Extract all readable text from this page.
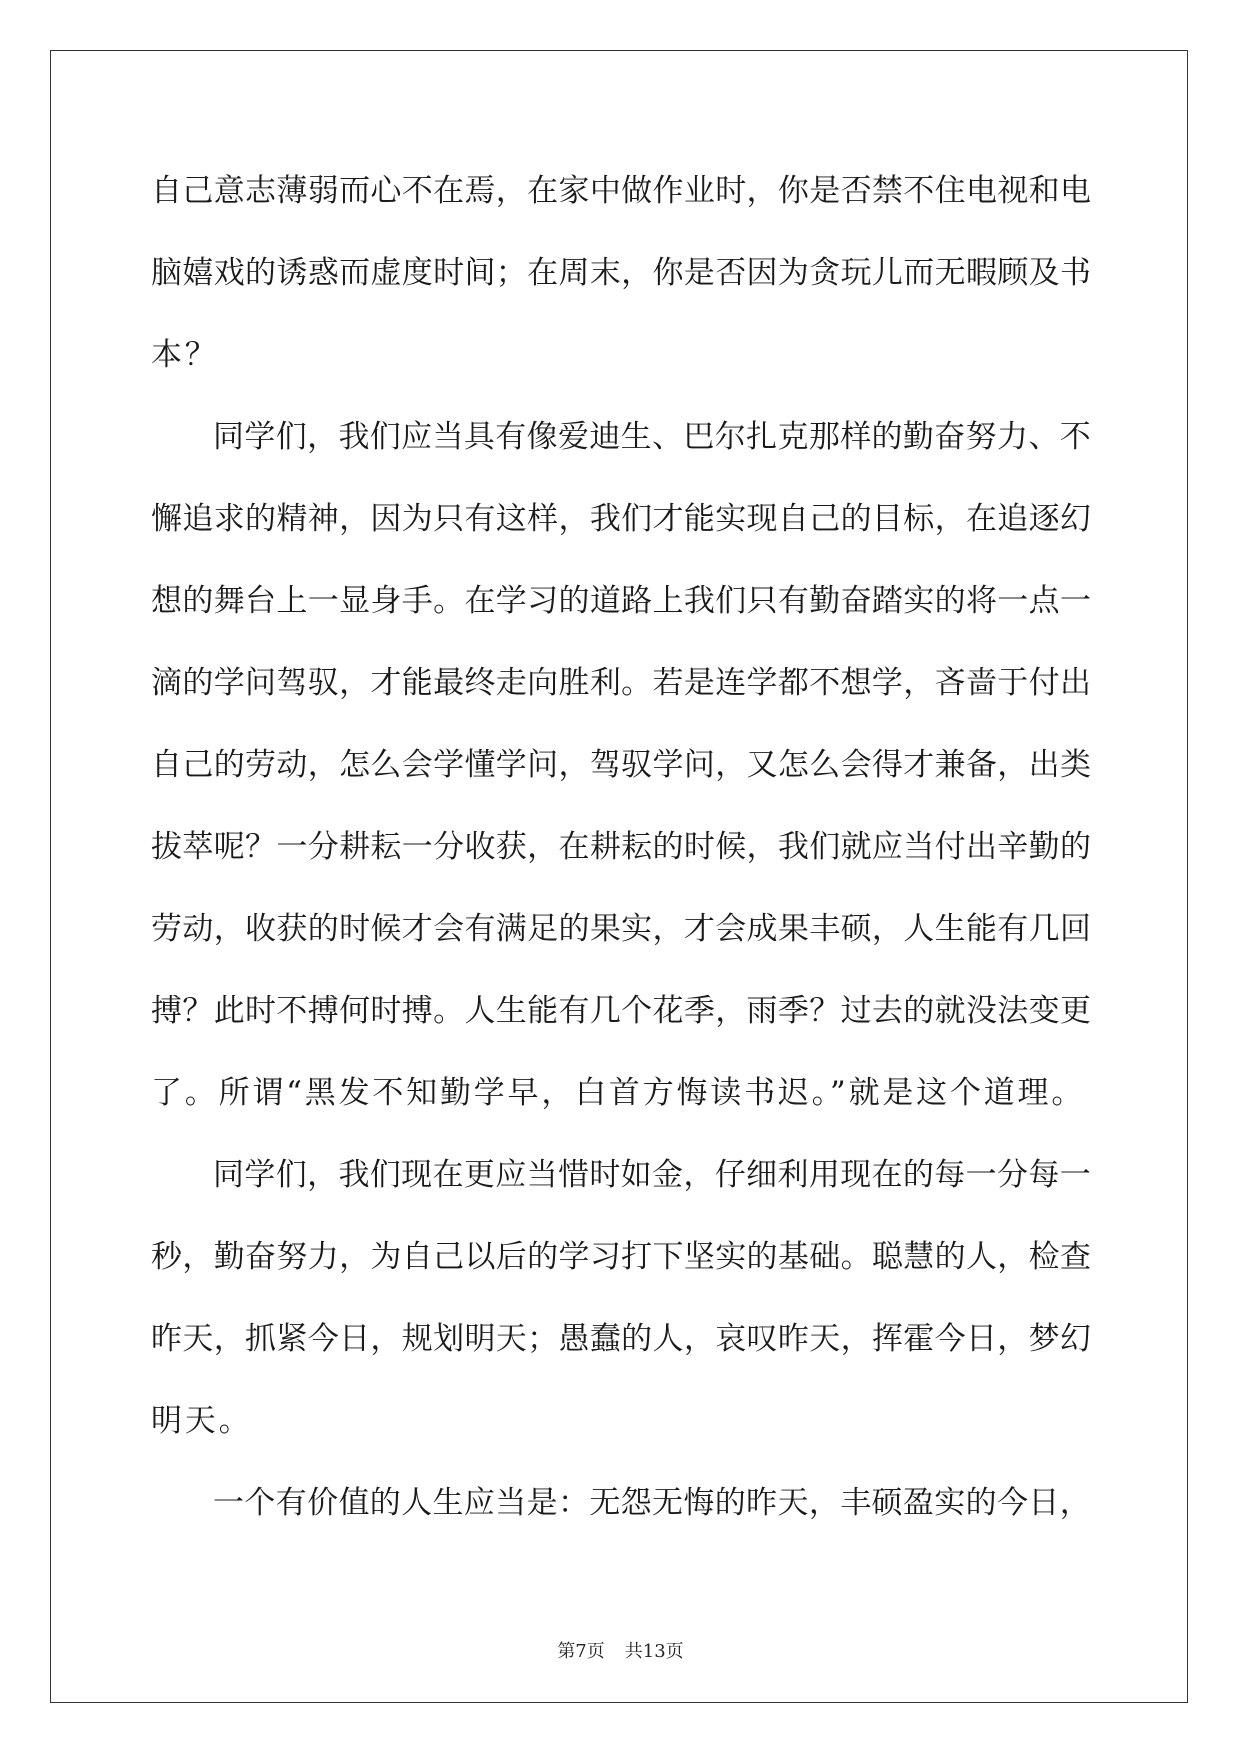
自 己 意 志 薄 弱 而 心 不 在 焉 ， 在 家 中 做 作 业 时 ， 你 是 否 禁 不 住 电 视 和 电
脑 嬉 戏 的 诱 惑 而 虚 度 时 间 ； 在 周 末 ， 你 是 否 因 为 贪 玩 儿 而 无 暇 顾 及 书
本？
同 学 们 ， 我 们 应 当 具 有 像 爱 迪 生 、 巴 尔 扎 克 那 样 的 勤 奋 努 力 、 不
懈 追 求 的 精 神 ， 因 为 只 有 这 样 ， 我 们 才 能 实 现 自 己 的 目 标 ， 在 追 逐 幻
想 的 舞 台 上 一 显 身 手 。 在 学 习 的 道 路 上 我 们 只 有 勤 奋 踏 实 的 将 一 点 一
滴 的 学 问 驾 驭 ， 才 能 最 终 走 向 胜 利 。 若 是 连 学 都 不 想 学 ， 吝 啬 于 付 出
自 己 的 劳 动 ， 怎 么 会 学 懂 学 问 ， 驾 驭 学 问 ， 又 怎 么 会 得 才 兼 备 ， 出 类
拔 萃 呢 ？ 一 分 耕 耘 一 分 收 获 ， 在 耕 耘 的 时 候 ， 我 们 就 应 当 付 出 辛 勤 的
劳 动 ， 收 获 的 时 候 才 会 有 满 足 的 果 实 ， 才 会 成 果 丰 硕 ， 人 生 能 有 几 回
搏 ？ 此 时 不 搏 何 时 搏 。 人 生 能 有 几 个 花 季 ， 雨 季 ？ 过 去 的 就 没 法 变 更
了。所谓“黑发不知勤学早，白首方悔读书迟。”就是这个道理。
同 学 们 ， 我 们 现 在 更 应 当 惜 时 如 金 ， 仔 细 利 用 现 在 的 每 一 分 每 一
秒 ， 勤 奋 努 力 ， 为 自 己 以 后 的 学 习 打 下 坚 实 的 基 础 。 聪 慧 的 人 ， 检 查
昨 天 ， 抓 紧 今 日 ， 规 划 明 天 ； 愚 蠢 的 人 ， 哀 叹 昨 天 ， 挥 霍 今 日 ， 梦 幻
明天。
一 个 有 价 值 的 人 生 应 当 是 ： 无 怨 无 悔 的 昨 天 ， 丰 硕 盈 实 的 今 日 ，
第7页 共13页
